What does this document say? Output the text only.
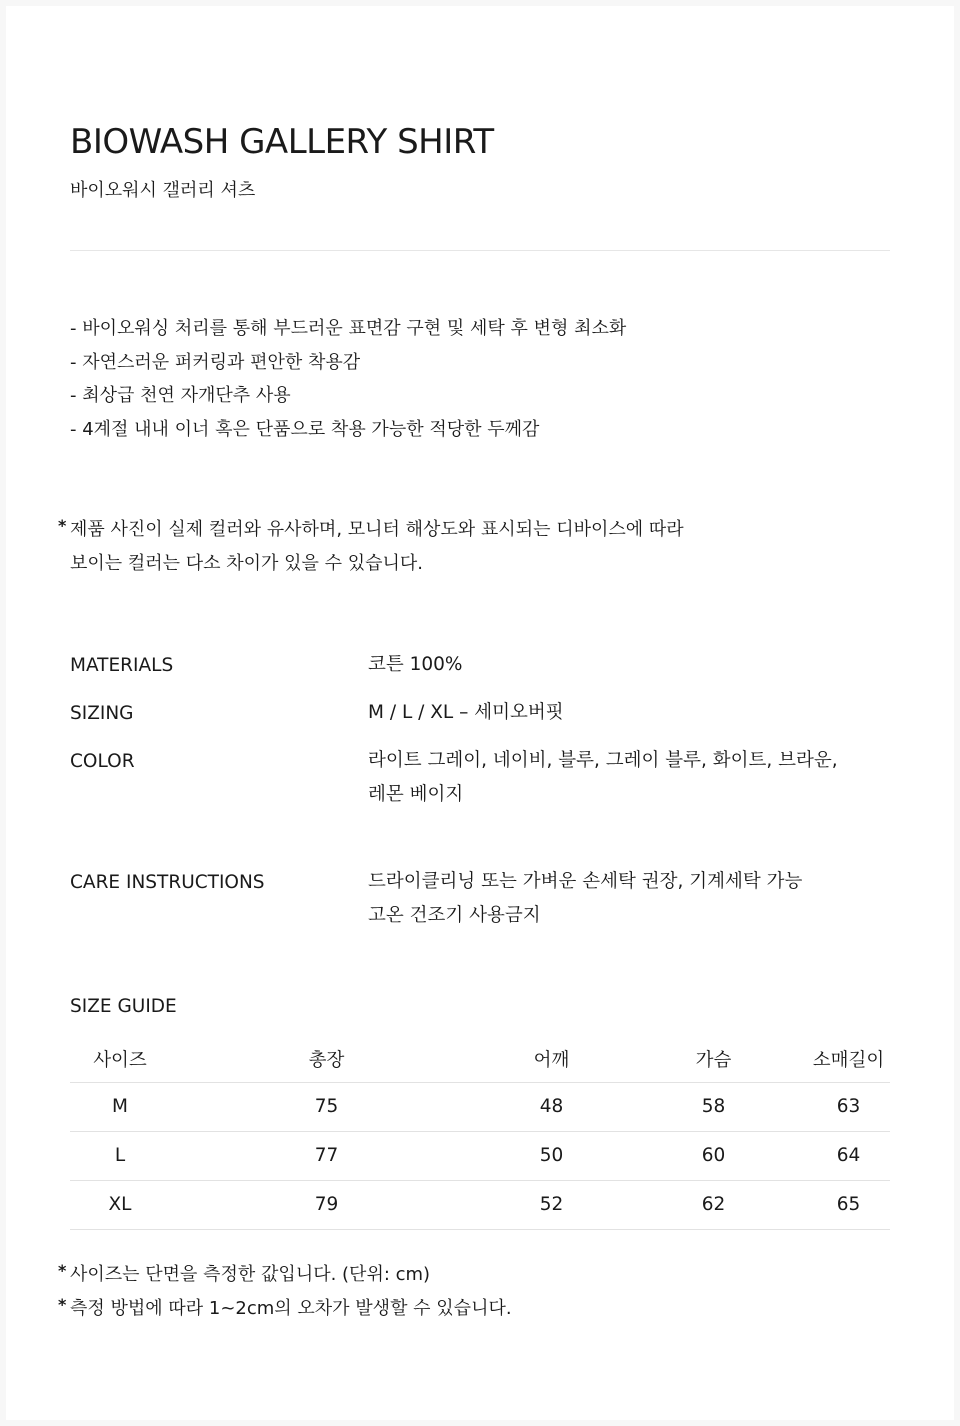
BIOWASH GALLERY SHIRT
바이오워시 갤러리 셔츠
- 바이오워싱 처리를 통해 부드러운 표면감 구현 및 세탁 후 변형 최소화
- 자연스러운 퍼커링과 편안한 착용감
- 최상급 천연 자개단추 사용
- 4계절 내내 이너 혹은 단품으로 착용 가능한 적당한 두께감
* 제품 사진이 실제 컬러와 유사하며, 모니터 해상도와 표시되는 디바이스에 따라
보이는 컬러는 다소 차이가 있을 수 있습니다.
MATERIALS	코튼 100%
SIZING	M / L / XL – 세미오버핏
COLOR	라이트 그레이, 네이비, 블루, 그레이 블루, 화이트, 브라운,
레몬 베이지
CARE INSTRUCTIONS	드라이클리닝 또는 가벼운 손세탁 권장, 기계세탁 가능
고온 건조기 사용금지
SIZE GUIDE
사이즈	총장	어깨	가슴	소매길이
M	75	48	58	63
L	77	50	60	64
XL	79	52	62	65
* 사이즈는 단면을 측정한 값입니다. (단위: cm)
* 측정 방법에 따라 1~2cm의 오차가 발생할 수 있습니다.
